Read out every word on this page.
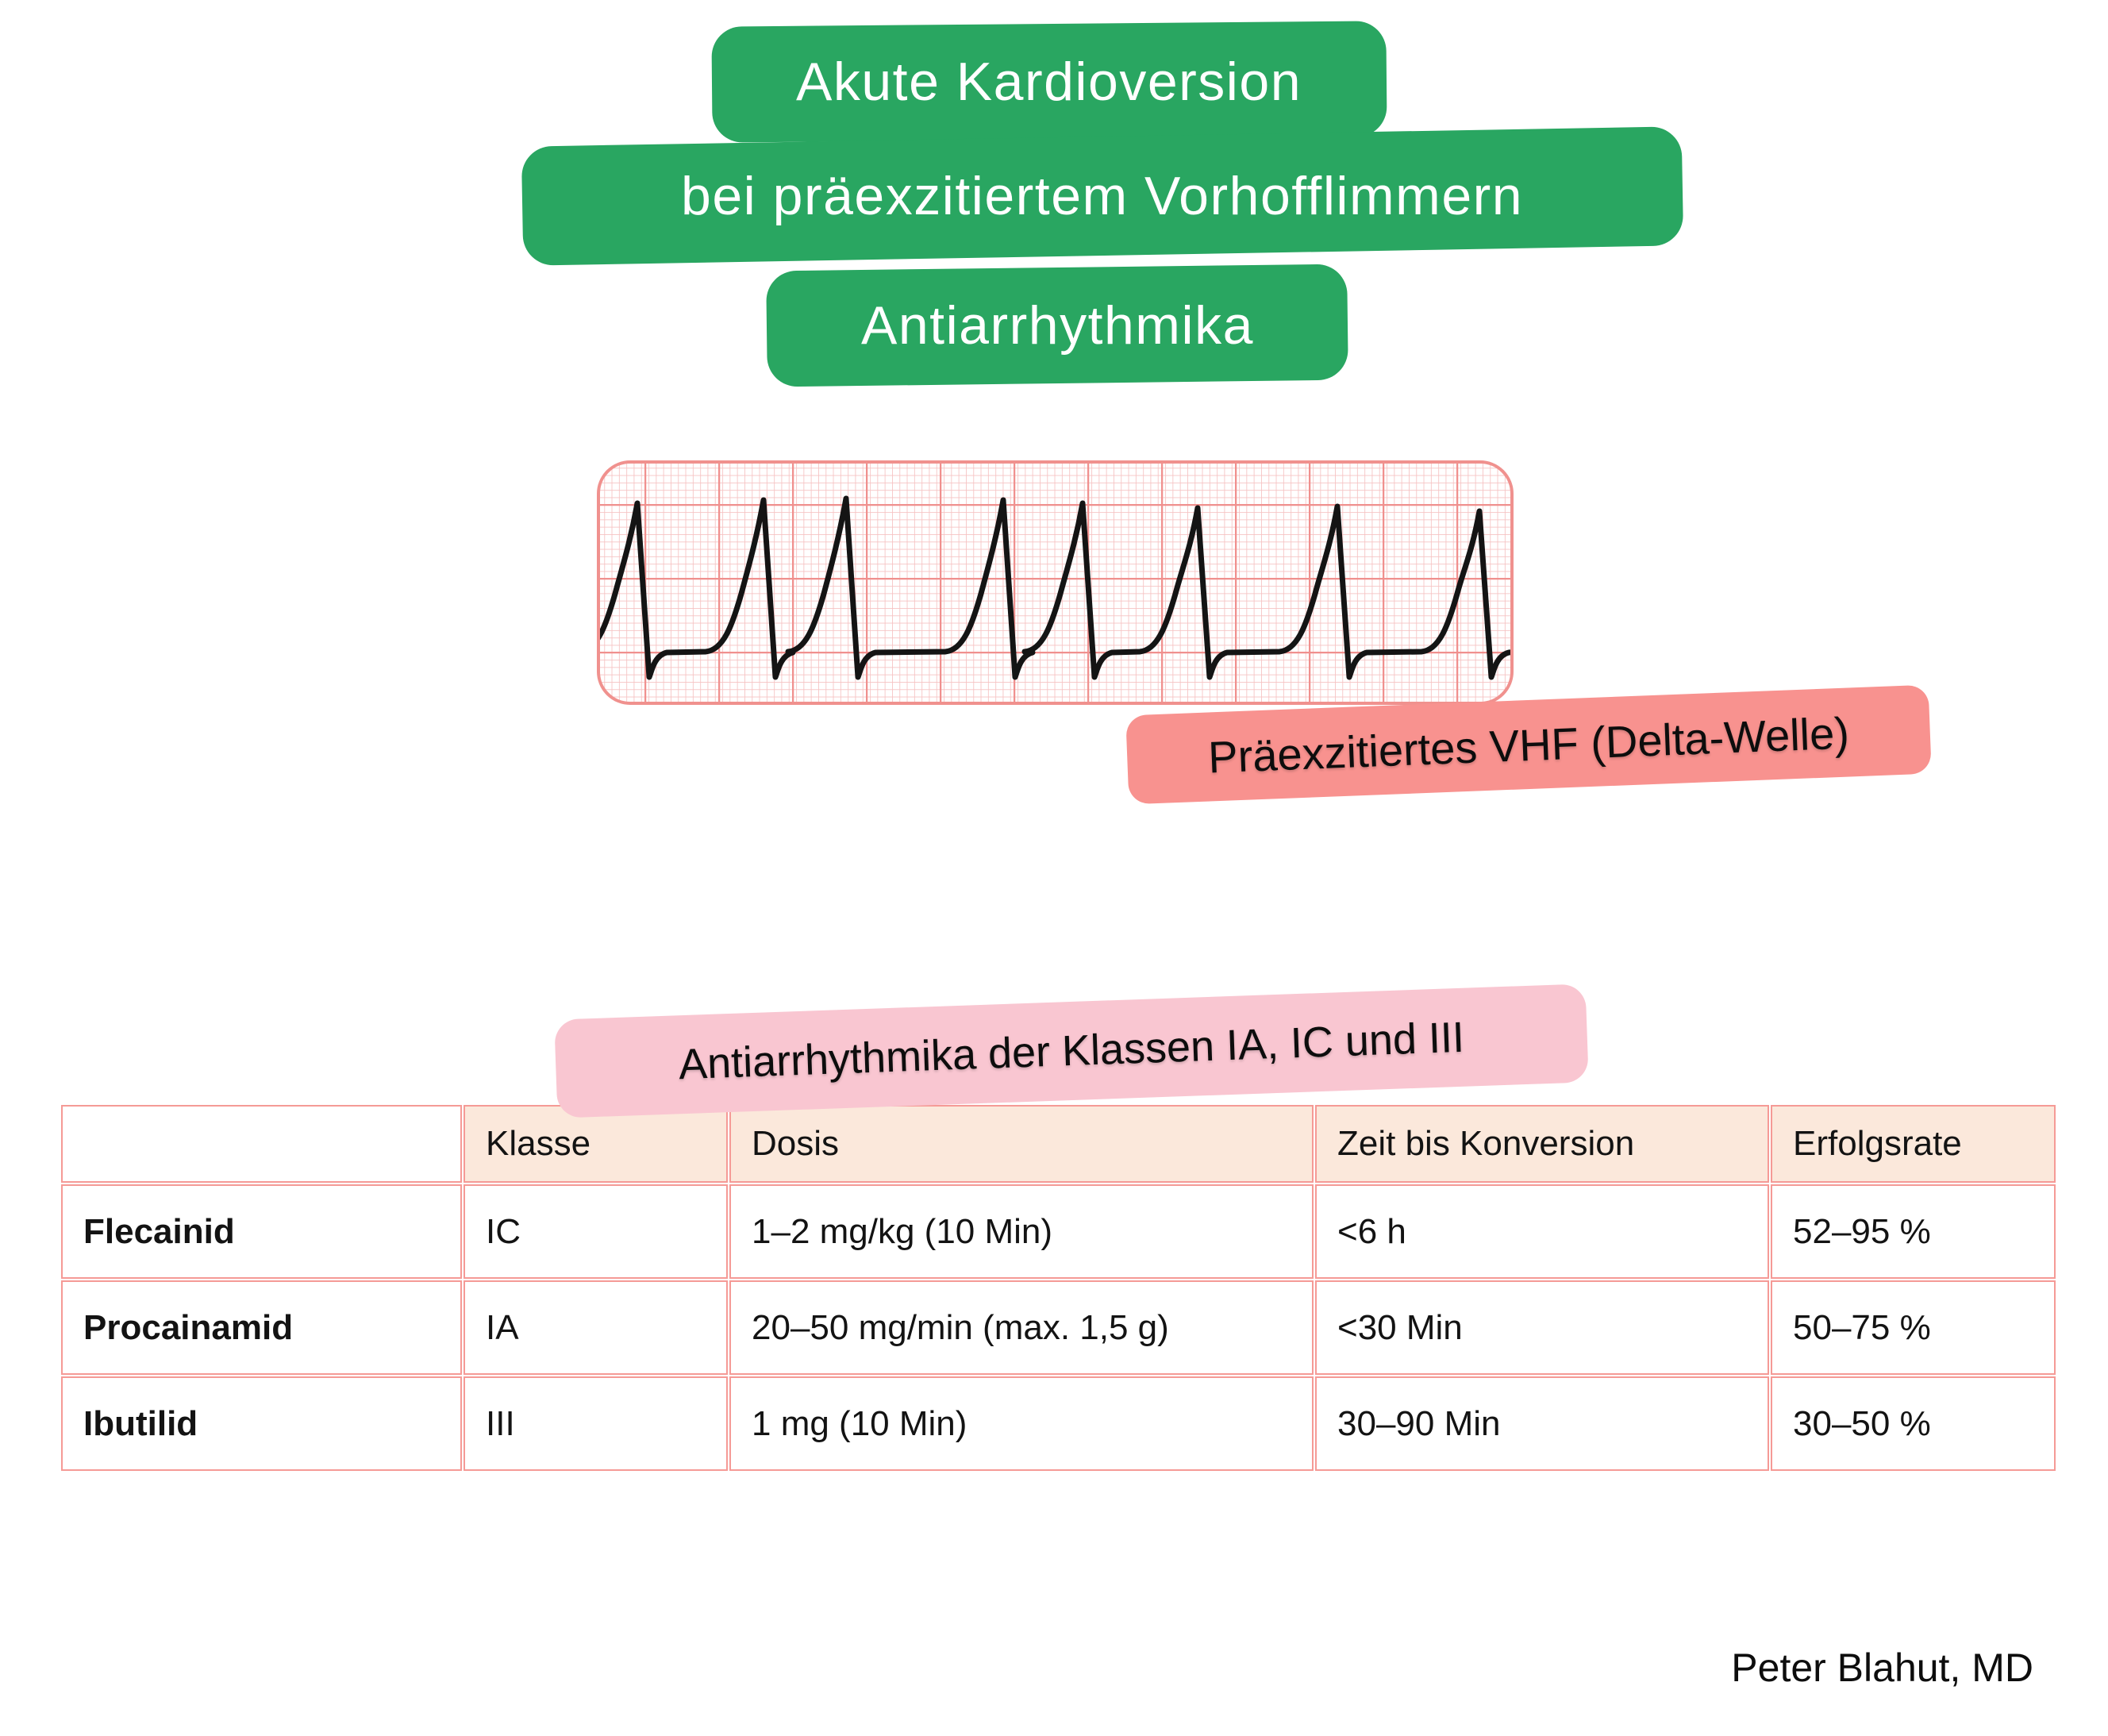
Akute Kardioversion
bei präexzitiertem Vorhofflimmern
Antiarrhythmika
Präexzitiertes VHF (Delta-Welle)
	Klasse	Dosis	Zeit bis Konversion	Erfolgsrate
Flecainid	IC	1–2 mg/kg (10 Min)	<6 h	52–95 %
Procainamid	IA	20–50 mg/min (max. 1,5 g)	<30 Min	50–75 %
Ibutilid	III	1 mg (10 Min)	30–90 Min	30–50 %
Antiarrhythmika der Klassen IA, IC und III
Peter Blahut, MD
